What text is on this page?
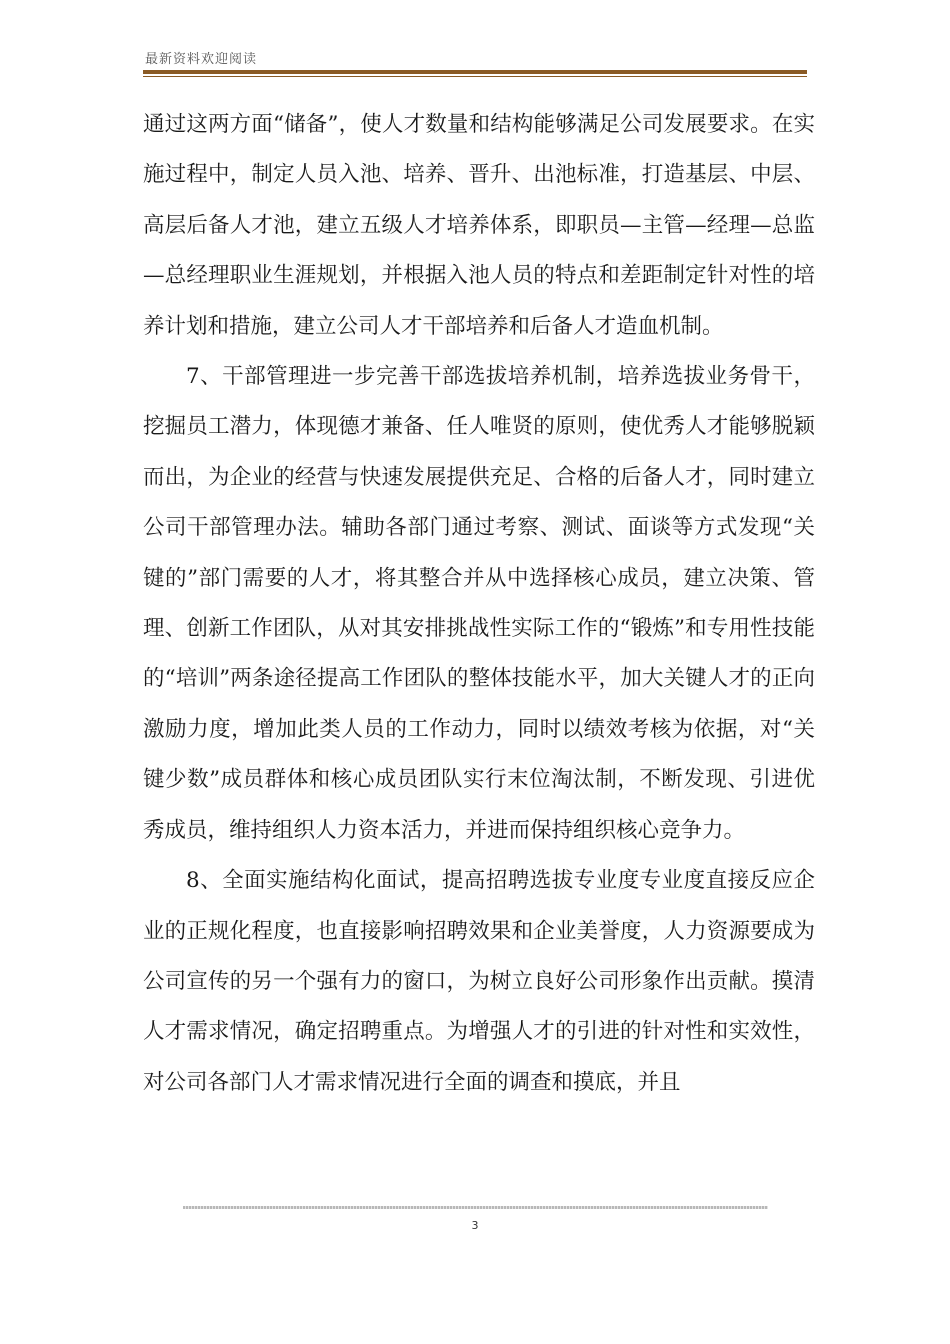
最新资料欢迎阅读

通过这两方面“储备”，使人才数量和结构能够满足公司发展要求。在实施过程中，制定人员入池、培养、晋升、出池标准，打造基层、中层、高层后备人才池，建立五级人才培养体系，即职员—主管—经理—总监—总经理职业生涯规划，并根据入池人员的特点和差距制定针对性的培养计划和措施，建立公司人才干部培养和后备人才造血机制。

7、干部管理进一步完善干部选拔培养机制，培养选拔业务骨干，挖掘员工潜力，体现德才兼备、任人唯贤的原则，使优秀人才能够脱颖而出，为企业的经营与快速发展提供充足、合格的后备人才，同时建立公司干部管理办法。辅助各部门通过考察、测试、面谈等方式发现“关键的”部门需要的人才，将其整合并从中选择核心成员，建立决策、管理、创新工作团队，从对其安排挑战性实际工作的“锻炼”和专用性技能的“培训”两条途径提高工作团队的整体技能水平，加大关键人才的正向激励力度，增加此类人员的工作动力，同时以绩效考核为依据，对“关键少数”成员群体和核心成员团队实行末位淘汰制，不断发现、引进优秀成员，维持组织人力资本活力，并进而保持组织核心竞争力。

8、全面实施结构化面试，提高招聘选拔专业度专业度直接反应企业的正规化程度，也直接影响招聘效果和企业美誉度，人力资源要成为公司宣传的另一个强有力的窗口，为树立良好公司形象作出贡献。摸清人才需求情况，确定招聘重点。为增强人才的引进的针对性和实效性，对公司各部门人才需求情况进行全面的调查和摸底，并且

3
